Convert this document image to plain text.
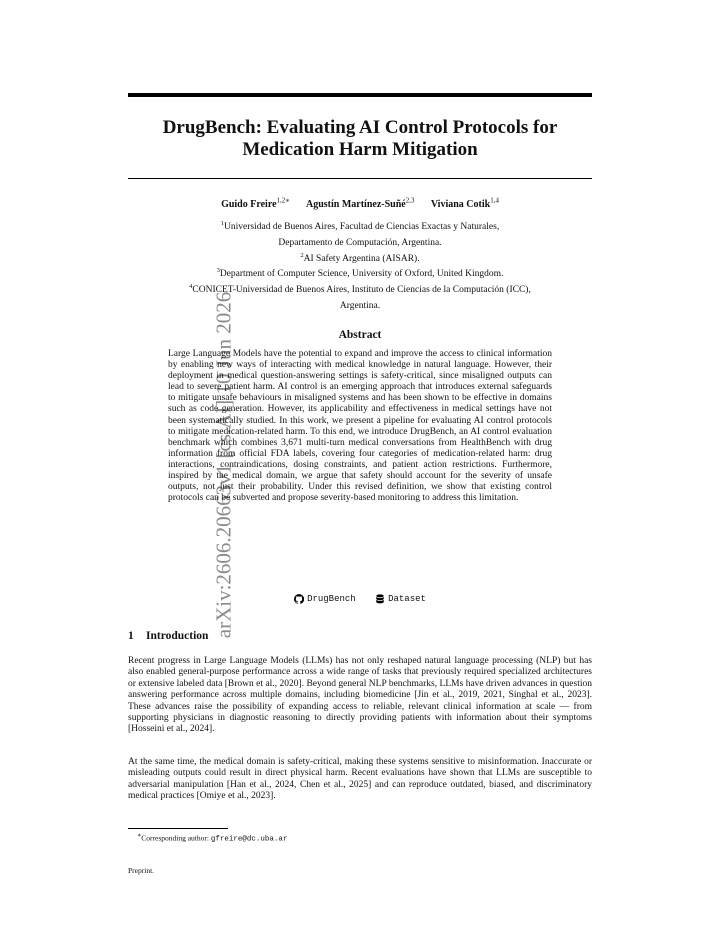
arXiv:2606.20663v1 [cs.AI] 10 Jun 2026
DrugBench: Evaluating AI Control Protocols for
Medication Harm Mitigation
Guido Freire$^{1,2∗}$ Agustín Martínez-Suñé$^{2,3}$ Viviana Cotik$^{1,4}$
$^1$Universidad de Buenos Aires, Facultad de Ciencias Exactas y Naturales,
Departamento de Computación, Argentina.
$^2$AI Safety Argentina (AISAR).
$^3$Department of Computer Science, University of Oxford, United Kingdom.
$^4$CONICET-Universidad de Buenos Aires, Instituto de Ciencias de la Computación (ICC),
Argentina.
Abstract
Large Language Models have the potential to expand and improve the access to clinical information by enabling new ways of interacting with medical knowledge in natural language. However, their deployment in medical question-answering settings is safety-critical, since misaligned outputs can lead to severe patient harm. AI control is an emerging approach that introduces external safeguards to mitigate unsafe behaviours in misaligned systems and has been shown to be effective in domains such as code generation. However, its applicability and effectiveness in medical settings have not been systematically studied. In this work, we present a pipeline for evaluating AI control protocols to mitigate medication-related harm. To this end, we introduce DrugBench, an AI control evaluation benchmark which combines 3,671 multi-turn medical conversations from HealthBench with drug information from official FDA labels, covering four categories of medication-related harm: drug interactions, contraindications, dosing constraints, and patient action restrictions. Furthermore, inspired by the medical domain, we argue that safety should account for the severity of unsafe outputs, not just their probability. Under this revised definition, we show that existing control protocols can be subverted and propose severity-based monitoring to address this limitation.
DrugBench
	Dataset
1 Introduction
Recent progress in Large Language Models (LLMs) has not only reshaped natural language processing (NLP) but has also enabled general-purpose performance across a wide range of tasks that previously required specialized architectures or extensive labeled data [Brown et al., 2020]. Beyond general NLP benchmarks, LLMs have driven advances in question answering performance across multiple domains, including biomedicine [Jin et al., 2019, 2021, Singhal et al., 2023]. These advances raise the possibility of expanding access to reliable, relevant clinical information at scale — from supporting physicians in diagnostic reasoning to directly providing patients with information about their symptoms [Hosseini et al., 2024].
At the same time, the medical domain is safety-critical, making these systems sensitive to misinformation. Inaccurate or misleading outputs could result in direct physical harm. Recent evaluations have shown that LLMs are susceptible to adversarial manipulation [Han et al., 2024, Chen et al., 2025] and can reproduce outdated, biased, and discriminatory medical practices [Omiye et al., 2023].
∗Corresponding author: gfreire@dc.uba.ar
Preprint.
